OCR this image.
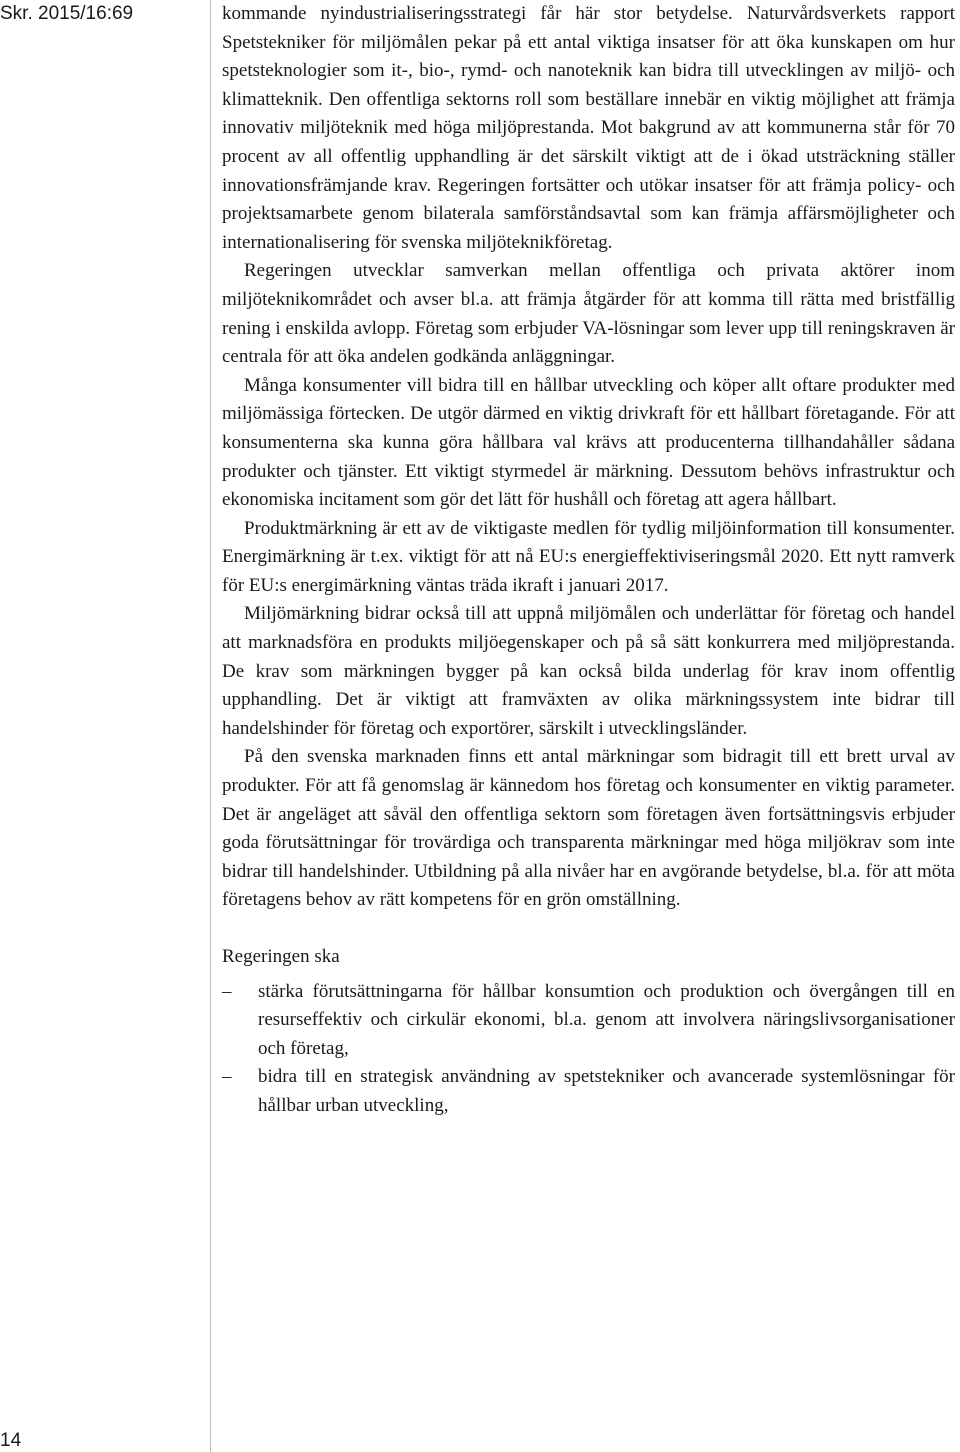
Skr. 2015/16:69
14

kommande nyindustrialiseringsstrategi får här stor betydelse. Naturvårdsverkets rapport Spetstekniker för miljömålen pekar på ett antal viktiga insatser för att öka kunskapen om hur spetsteknologier som it-, bio-, rymd- och nanoteknik kan bidra till utvecklingen av miljö- och klimatteknik. Den offentliga sektorns roll som beställare innebär en viktig möjlighet att främja innovativ miljöteknik med höga miljöprestanda. Mot bakgrund av att kommunerna står för 70 procent av all offentlig upphandling är det särskilt viktigt att de i ökad utsträckning ställer innovationsfrämjande krav. Regeringen fortsätter och utökar insatser för att främja policy- och projektsamarbete genom bilaterala samförståndsavtal som kan främja affärsmöjligheter och internationalisering för svenska miljöteknikföretag.

Regeringen utvecklar samverkan mellan offentliga och privata aktörer inom miljöteknikområdet och avser bl.a. att främja åtgärder för att komma till rätta med bristfällig rening i enskilda avlopp. Företag som erbjuder VA-lösningar som lever upp till reningskraven är centrala för att öka andelen godkända anläggningar.

Många konsumenter vill bidra till en hållbar utveckling och köper allt oftare produkter med miljömässiga förtecken. De utgör därmed en viktig drivkraft för ett hållbart företagande. För att konsumenterna ska kunna göra hållbara val krävs att producenterna tillhandahåller sådana produkter och tjänster. Ett viktigt styrmedel är märkning. Dessutom behövs infrastruktur och ekonomiska incitament som gör det lätt för hushåll och företag att agera hållbart.

Produktmärkning är ett av de viktigaste medlen för tydlig miljöinformation till konsumenter. Energimärkning är t.ex. viktigt för att nå EU:s energieffektiviseringsmål 2020. Ett nytt ramverk för EU:s energimärkning väntas träda ikraft i januari 2017.

Miljömärkning bidrar också till att uppnå miljömålen och underlättar för företag och handel att marknadsföra en produkts miljöegenskaper och på så sätt konkurrera med miljöprestanda. De krav som märkningen bygger på kan också bilda underlag för krav inom offentlig upphandling. Det är viktigt att framväxten av olika märkningssystem inte bidrar till handelshinder för företag och exportörer, särskilt i utvecklingsländer.

På den svenska marknaden finns ett antal märkningar som bidragit till ett brett urval av produkter. För att få genomslag är kännedom hos företag och konsumenter en viktig parameter. Det är angeläget att såväl den offentliga sektorn som företagen även fortsättningsvis erbjuder goda förutsättningar för trovärdiga och transparenta märkningar med höga miljökrav som inte bidrar till handelshinder. Utbildning på alla nivåer har en avgörande betydelse, bl.a. för att möta företagens behov av rätt kompetens för en grön omställning.

Regeringen ska

– stärka förutsättningarna för hållbar konsumtion och produktion och övergången till en resurseffektiv och cirkulär ekonomi, bl.a. genom att involvera näringslivsorganisationer och företag,
– bidra till en strategisk användning av spetstekniker och avancerade systemlösningar för hållbar urban utveckling,
